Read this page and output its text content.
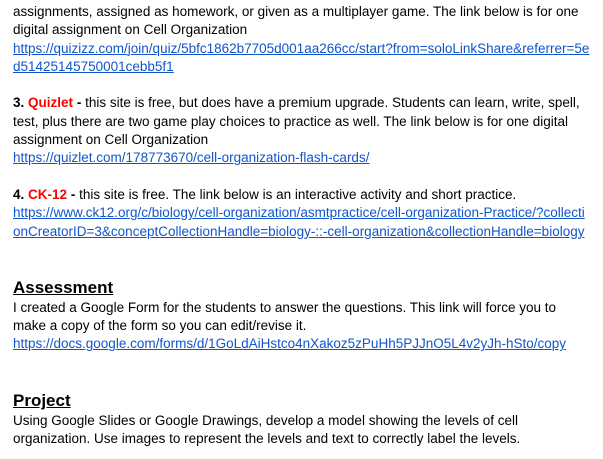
assignments, assigned as homework, or given as a multiplayer game. The link below is for one digital assignment on Cell Organization
https://quizizz.com/join/quiz/5bfc1862b7705d001aa266cc/start?from=soloLinkShare&referrer=5ed51425145750001cebb5f1

3. Quizlet - this site is free, but does have a premium upgrade. Students can learn, write, spell, test, plus there are two game play choices to practice as well. The link below is for one digital assignment on Cell Organization
https://quizlet.com/178773670/cell-organization-flash-cards/

4. CK-12 - this site is free. The link below is an interactive activity and short practice.
https://www.ck12.org/c/biology/cell-organization/asmtpractice/cell-organization-Practice/?collectionCreatorID=3&conceptCollectionHandle=biology-::-cell-organization&collectionHandle=biology

Assessment

I created a Google Form for the students to answer the questions. This link will force you to make a copy of the form so you can edit/revise it.
https://docs.google.com/forms/d/1GoLdAiHstco4nXakoz5zPuHh5PJJnO5L4v2yJh-hSto/copy

Project

Using Google Slides or Google Drawings, develop a model showing the levels of cell organization. Use images to represent the levels and text to correctly label the levels.
